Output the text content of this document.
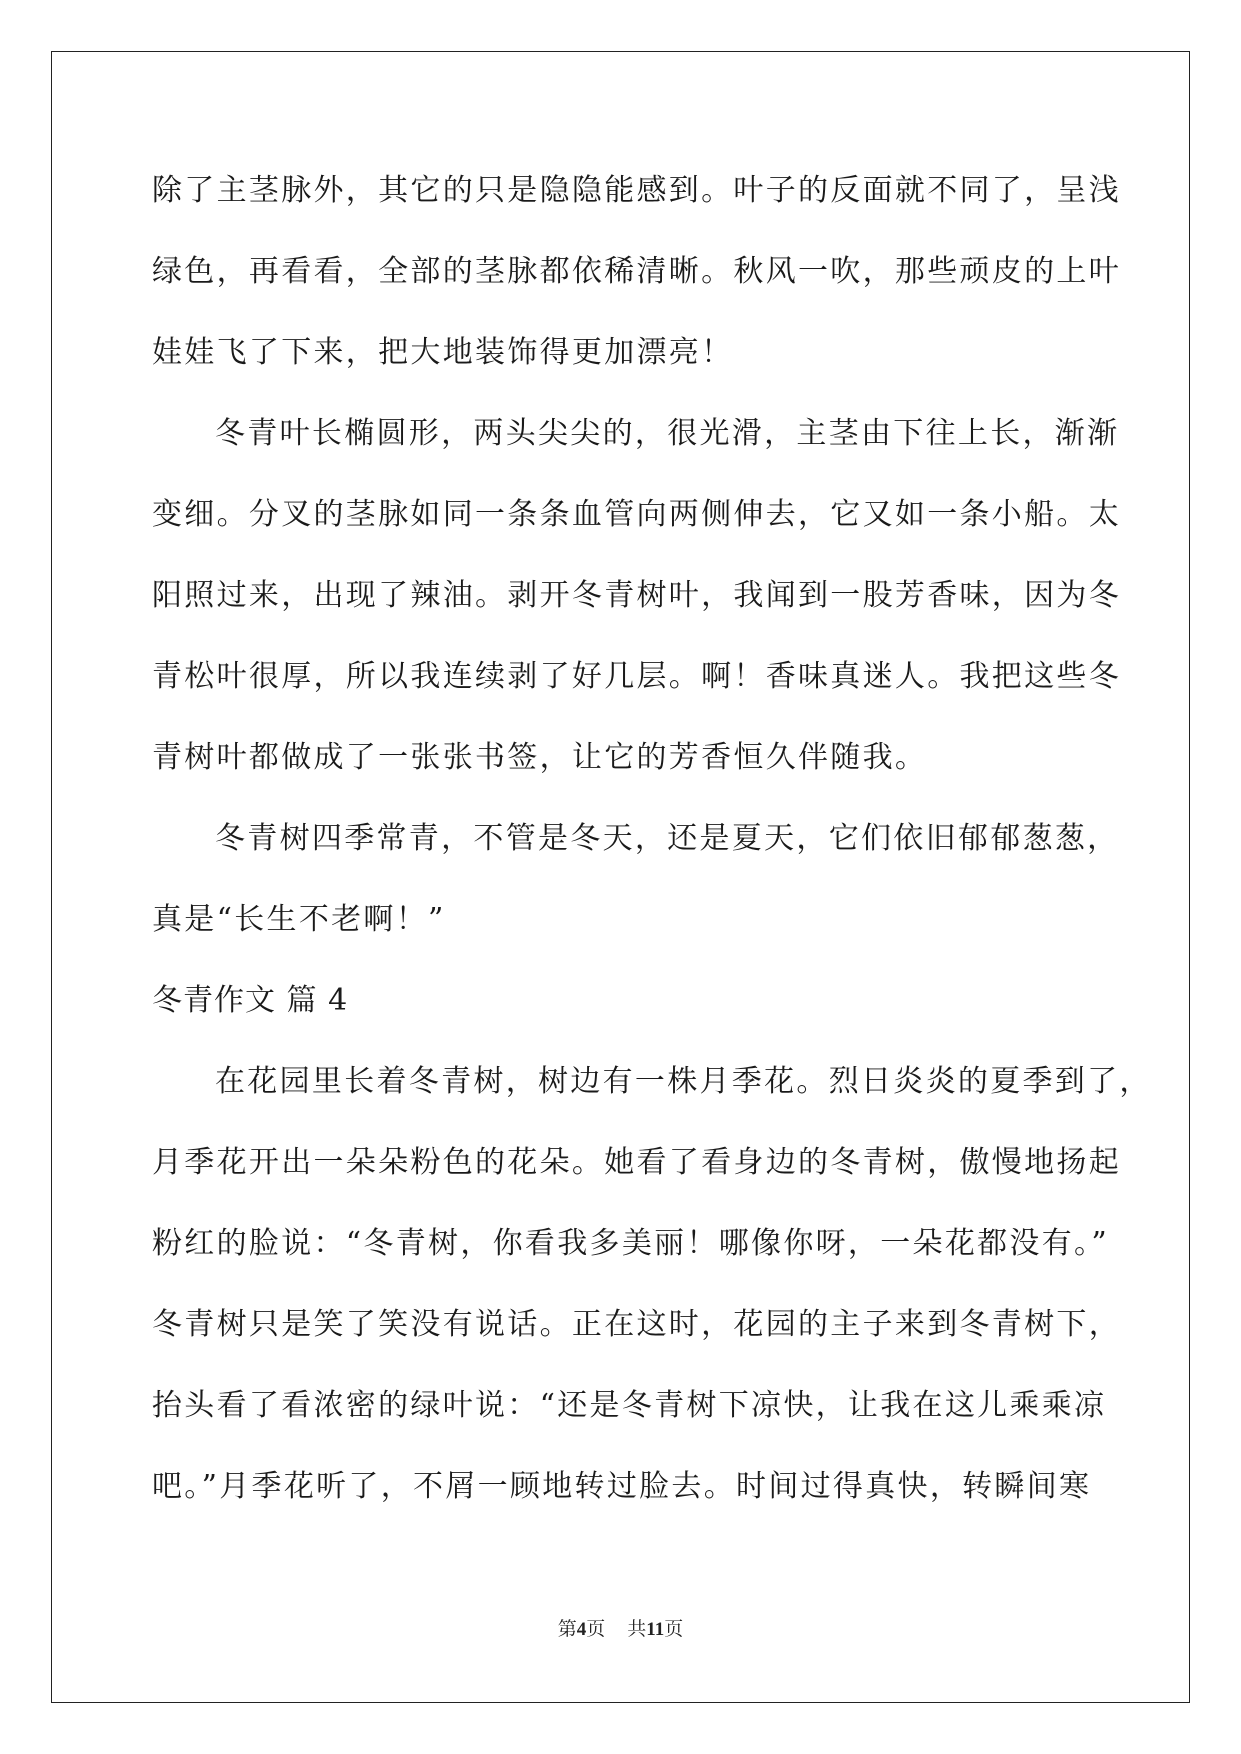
除了主茎脉外，其它的只是隐隐能感到。叶子的反面就不同了，呈浅
绿色，再看看，全部的茎脉都依稀清晰。秋风一吹，那些顽皮的上叶
娃娃飞了下来，把大地装饰得更加漂亮！
冬青叶长椭圆形，两头尖尖的，很光滑，主茎由下往上长，渐渐
变细。分叉的茎脉如同一条条血管向两侧伸去，它又如一条小船。太
阳照过来，出现了辣油。剥开冬青树叶，我闻到一股芳香味，因为冬
青松叶很厚，所以我连续剥了好几层。啊！香味真迷人。我把这些冬
青树叶都做成了一张张书签，让它的芳香恒久伴随我。
冬青树四季常青，不管是冬天，还是夏天，它们依旧郁郁葱葱，
真是“长生不老啊！”
冬青作文 篇 4
在花园里长着冬青树，树边有一株月季花。烈日炎炎的夏季到了，
月季花开出一朵朵粉色的花朵。她看了看身边的冬青树，傲慢地扬起
粉红的脸说：“冬青树，你看我多美丽！哪像你呀，一朵花都没有。”
冬青树只是笑了笑没有说话。正在这时，花园的主子来到冬青树下，
抬头看了看浓密的绿叶说：“还是冬青树下凉快，让我在这儿乘乘凉
吧。”月季花听了，不屑一顾地转过脸去。时间过得真快，转瞬间寒
第4页 共11页
